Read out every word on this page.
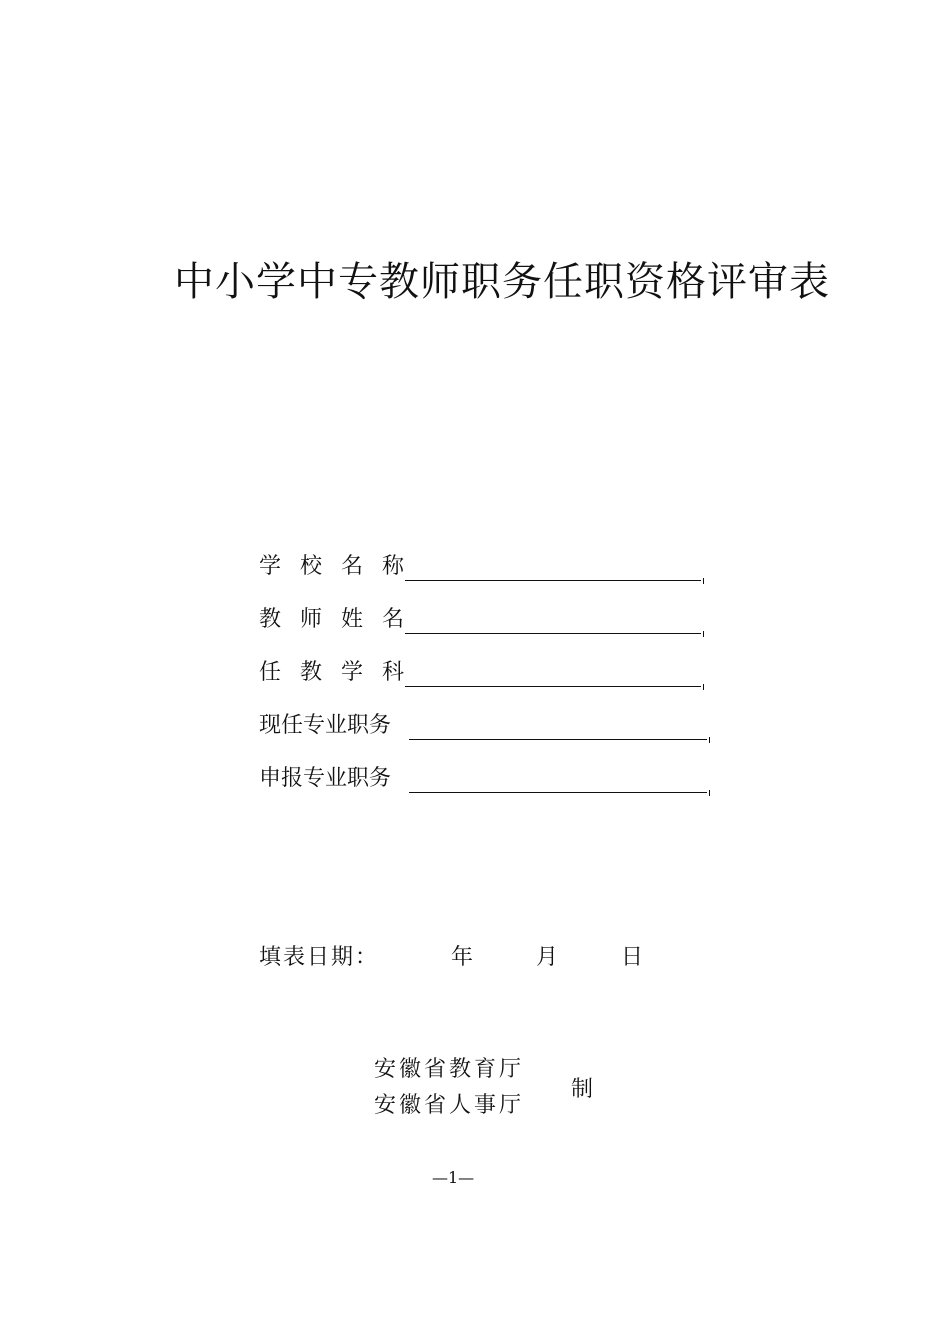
中小学中专教师职务任职资格评审表
学校名称
教师姓名
任教学科
现任专业职务
申报专业职务
填表日期：	年	月	日
安徽省教育厅
安徽省人事厅
制
—1—
